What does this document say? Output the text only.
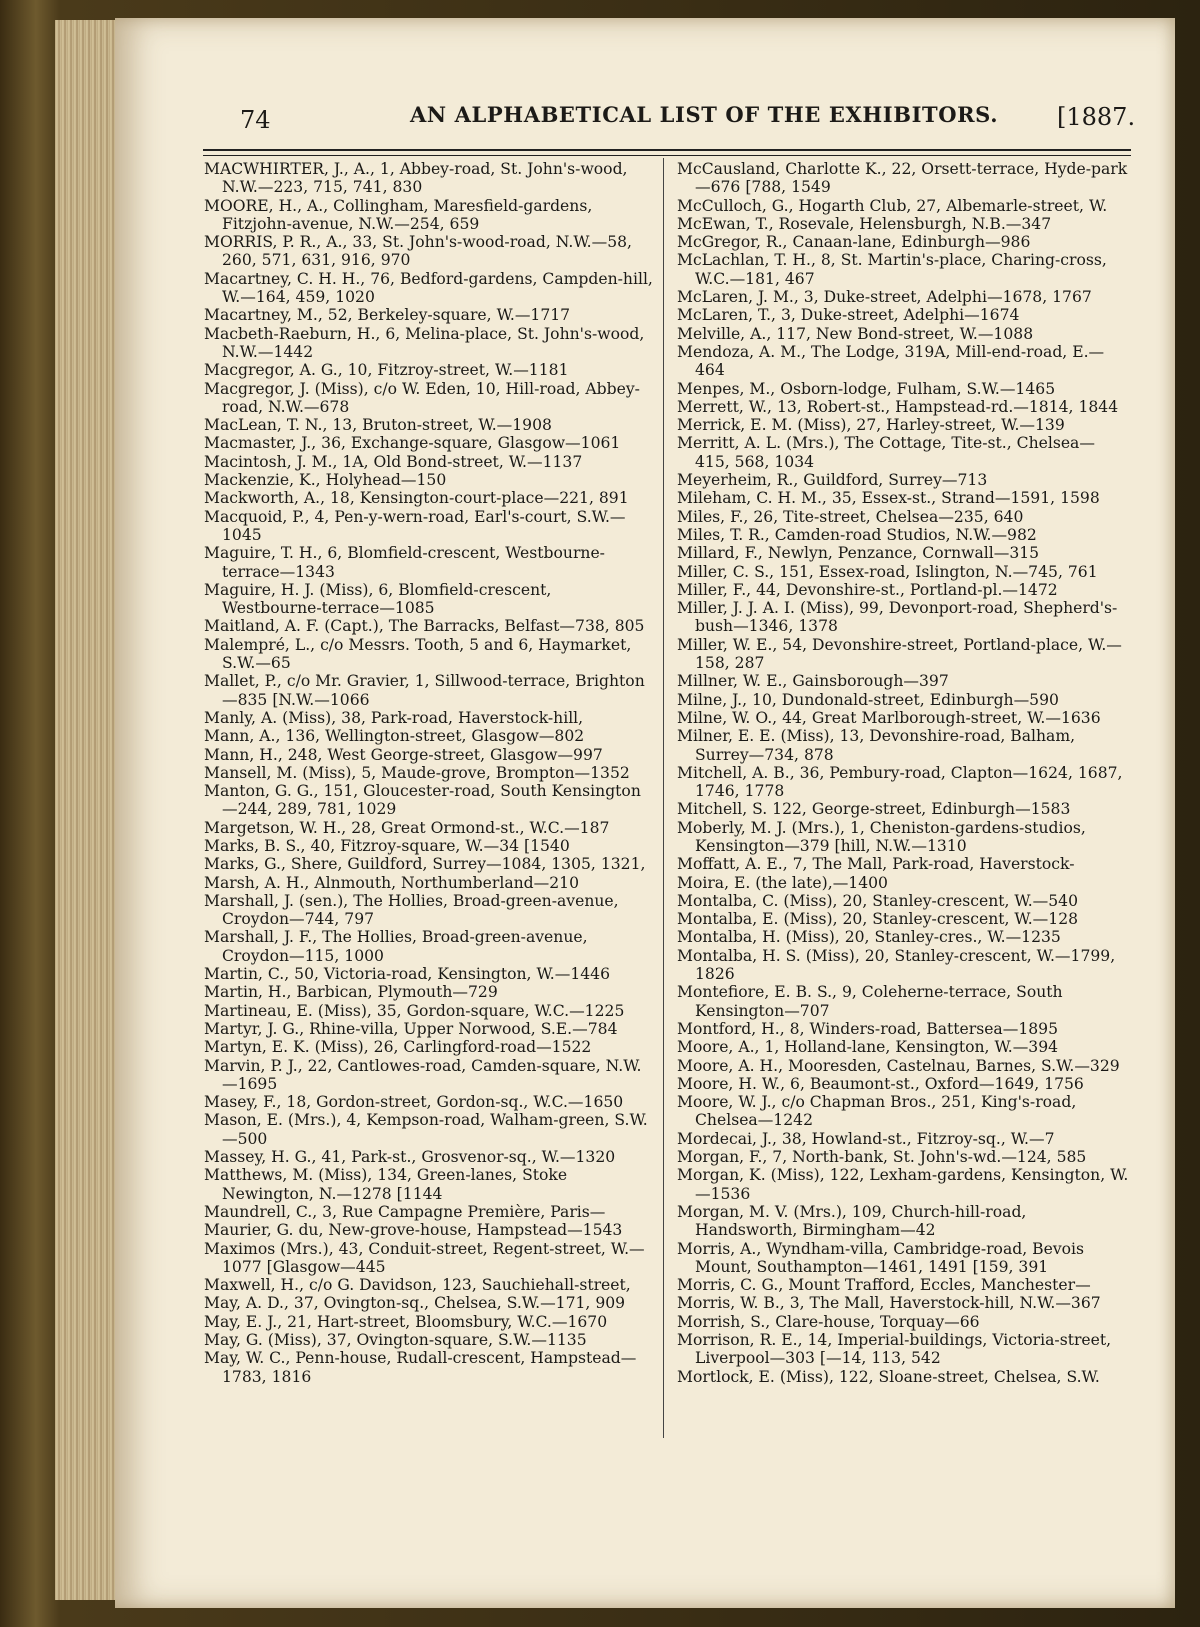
74	AN ALPHABETICAL LIST OF THE EXHIBITORS. [1887.
MACWHIRTER, J., A., 1, Abbey-road, St. John's-wood, N.W.—223, 715, 741, 830
MOORE, H., A., Collingham, Maresfield-gardens, Fitzjohn-avenue, N.W.—254, 659
MORRIS, P. R., A., 33, St. John's-wood-road, N.W.—58, 260, 571, 631, 916, 970
Macartney, C. H. H., 76, Bedford-gardens, Campden-hill, W.—164, 459, 1020
Macartney, M., 52, Berkeley-square, W.—1717
Macbeth-Raeburn, H., 6, Melina-place, St. John's-wood, N.W.—1442
Macgregor, A. G., 10, Fitzroy-street, W.—1181
Macgregor, J. (Miss), c/o W. Eden, 10, Hill-road, Abbey-road, N.W.—678
MacLean, T. N., 13, Bruton-street, W.—1908
Macmaster, J., 36, Exchange-square, Glasgow—1061
Macintosh, J. M., 1A, Old Bond-street, W.—1137
Mackenzie, K., Holyhead—150
Mackworth, A., 18, Kensington-court-place—221, 891
Macquoid, P., 4, Pen-y-wern-road, Earl's-court, S.W.—1045
Maguire, T. H., 6, Blomfield-crescent, Westbourne-terrace—1343
Maguire, H. J. (Miss), 6, Blomfield-crescent, Westbourne-terrace—1085
Maitland, A. F. (Capt.), The Barracks, Belfast—738, 805
Malempré, L., c/o Messrs. Tooth, 5 and 6, Haymarket, S.W.—65
Mallet, P., c/o Mr. Gravier, 1, Sillwood-terrace, Brighton—835 [N.W.—1066
Manly, A. (Miss), 38, Park-road, Haverstock-hill,
Mann, A., 136, Wellington-street, Glasgow—802
Mann, H., 248, West George-street, Glasgow—997
Mansell, M. (Miss), 5, Maude-grove, Brompton—1352
Manton, G. G., 151, Gloucester-road, South Kensington—244, 289, 781, 1029
Margetson, W. H., 28, Great Ormond-st., W.C.—187
Marks, B. S., 40, Fitzroy-square, W.—34 [1540
Marks, G., Shere, Guildford, Surrey—1084, 1305, 1321,
Marsh, A. H., Alnmouth, Northumberland—210
Marshall, J. (sen.), The Hollies, Broad-green-avenue, Croydon—744, 797
Marshall, J. F., The Hollies, Broad-green-avenue, Croydon—115, 1000
Martin, C., 50, Victoria-road, Kensington, W.—1446
Martin, H., Barbican, Plymouth—729
Martineau, E. (Miss), 35, Gordon-square, W.C.—1225
Martyr, J. G., Rhine-villa, Upper Norwood, S.E.—784
Martyn, E. K. (Miss), 26, Carlingford-road—1522
Marvin, P. J., 22, Cantlowes-road, Camden-square, N.W.—1695
Masey, F., 18, Gordon-street, Gordon-sq., W.C.—1650
Mason, E. (Mrs.), 4, Kempson-road, Walham-green, S.W.—500
Massey, H. G., 41, Park-st., Grosvenor-sq., W.—1320
Matthews, M. (Miss), 134, Green-lanes, Stoke Newington, N.—1278 [1144
Maundrell, C., 3, Rue Campagne Première, Paris—
Maurier, G. du, New-grove-house, Hampstead—1543
Maximos (Mrs.), 43, Conduit-street, Regent-street, W.—1077 [Glasgow—445
Maxwell, H., c/o G. Davidson, 123, Sauchiehall-street,
May, A. D., 37, Ovington-sq., Chelsea, S.W.—171, 909
May, E. J., 21, Hart-street, Bloomsbury, W.C.—1670
May, G. (Miss), 37, Ovington-square, S.W.—1135
May, W. C., Penn-house, Rudall-crescent, Hampstead—1783, 1816
McCausland, Charlotte K., 22, Orsett-terrace, Hyde-park—676 [788, 1549
McCulloch, G., Hogarth Club, 27, Albemarle-street, W.
McEwan, T., Rosevale, Helensburgh, N.B.—347
McGregor, R., Canaan-lane, Edinburgh—986
McLachlan, T. H., 8, St. Martin's-place, Charing-cross, W.C.—181, 467
McLaren, J. M., 3, Duke-street, Adelphi—1678, 1767
McLaren, T., 3, Duke-street, Adelphi—1674
Melville, A., 117, New Bond-street, W.—1088
Mendoza, A. M., The Lodge, 319A, Mill-end-road, E.—464
Menpes, M., Osborn-lodge, Fulham, S.W.—1465
Merrett, W., 13, Robert-st., Hampstead-rd.—1814, 1844
Merrick, E. M. (Miss), 27, Harley-street, W.—139
Merritt, A. L. (Mrs.), The Cottage, Tite-st., Chelsea—415, 568, 1034
Meyerheim, R., Guildford, Surrey—713
Mileham, C. H. M., 35, Essex-st., Strand—1591, 1598
Miles, F., 26, Tite-street, Chelsea—235, 640
Miles, T. R., Camden-road Studios, N.W.—982
Millard, F., Newlyn, Penzance, Cornwall—315
Miller, C. S., 151, Essex-road, Islington, N.—745, 761
Miller, F., 44, Devonshire-st., Portland-pl.—1472
Miller, J. J. A. I. (Miss), 99, Devonport-road, Shepherd's-bush—1346, 1378
Miller, W. E., 54, Devonshire-street, Portland-place, W.—158, 287
Millner, W. E., Gainsborough—397
Milne, J., 10, Dundonald-street, Edinburgh—590
Milne, W. O., 44, Great Marlborough-street, W.—1636
Milner, E. E. (Miss), 13, Devonshire-road, Balham, Surrey—734, 878
Mitchell, A. B., 36, Pembury-road, Clapton—1624, 1687, 1746, 1778
Mitchell, S. 122, George-street, Edinburgh—1583
Moberly, M. J. (Mrs.), 1, Cheniston-gardens-studios, Kensington—379 [hill, N.W.—1310
Moffatt, A. E., 7, The Mall, Park-road, Haverstock-
Moira, E. (the late),—1400
Montalba, C. (Miss), 20, Stanley-crescent, W.—540
Montalba, E. (Miss), 20, Stanley-crescent, W.—128
Montalba, H. (Miss), 20, Stanley-cres., W.—1235
Montalba, H. S. (Miss), 20, Stanley-crescent, W.—1799, 1826
Montefiore, E. B. S., 9, Coleherne-terrace, South Kensington—707
Montford, H., 8, Winders-road, Battersea—1895
Moore, A., 1, Holland-lane, Kensington, W.—394
Moore, A. H., Mooresden, Castelnau, Barnes, S.W.—329
Moore, H. W., 6, Beaumont-st., Oxford—1649, 1756
Moore, W. J., c/o Chapman Bros., 251, King's-road, Chelsea—1242
Mordecai, J., 38, Howland-st., Fitzroy-sq., W.—7
Morgan, F., 7, North-bank, St. John's-wd.—124, 585
Morgan, K. (Miss), 122, Lexham-gardens, Kensington, W.—1536
Morgan, M. V. (Mrs.), 109, Church-hill-road, Handsworth, Birmingham—42
Morris, A., Wyndham-villa, Cambridge-road, Bevois Mount, Southampton—1461, 1491 [159, 391
Morris, C. G., Mount Trafford, Eccles, Manchester—
Morris, W. B., 3, The Mall, Haverstock-hill, N.W.—367
Morrish, S., Clare-house, Torquay—66
Morrison, R. E., 14, Imperial-buildings, Victoria-street, Liverpool—303 [—14, 113, 542
Mortlock, E. (Miss), 122, Sloane-street, Chelsea, S.W.
